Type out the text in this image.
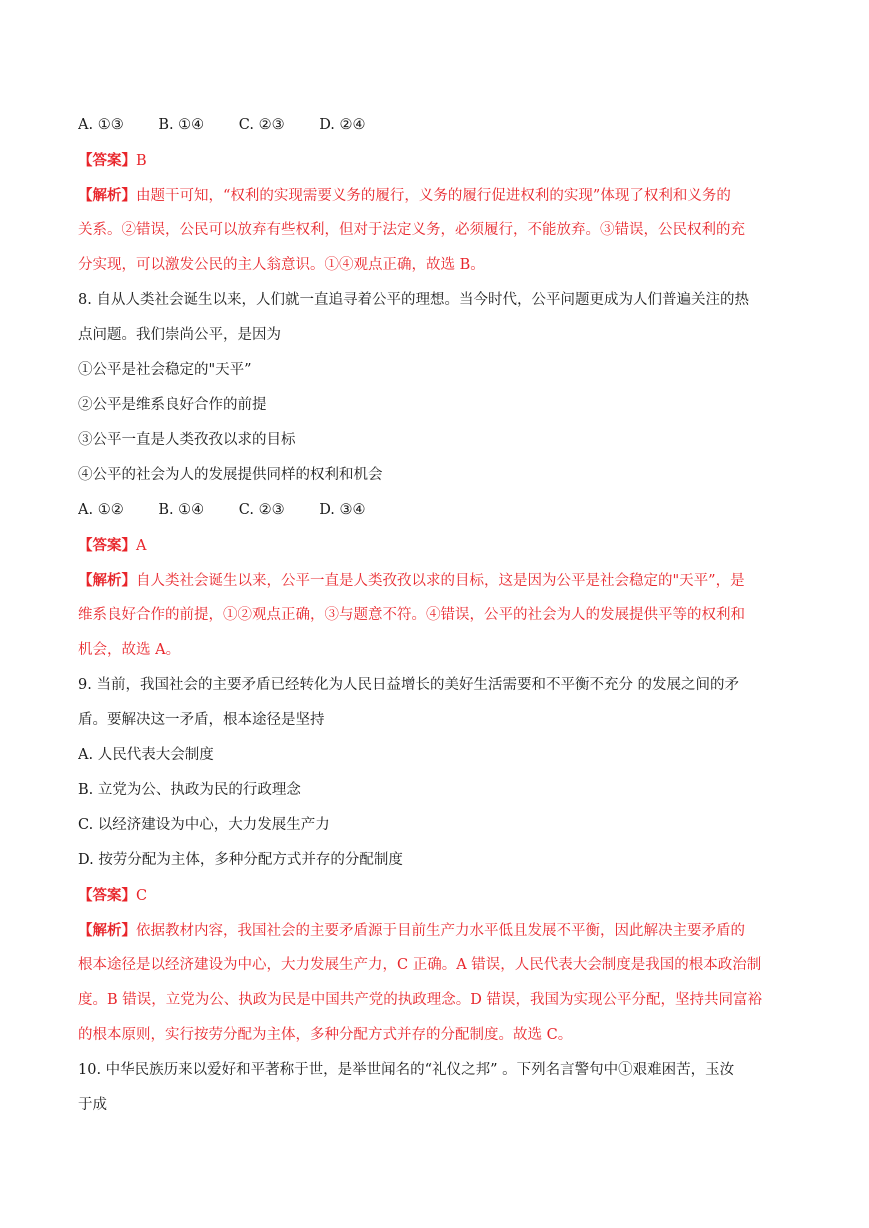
A. ①③ B. ①④ C. ②③ D. ②④
【答案】B
【解析】由题干可知，“权利的实现需要义务的履行，义务的履行促进权利的实现”体现了权利和义务的
关系。②错误，公民可以放弃有些权利，但对于法定义务，必须履行，不能放弃。③错误，公民权利的充
分实现，可以激发公民的主人翁意识。①④观点正确，故选 B。
8. 自从人类社会诞生以来，人们就一直追寻着公平的理想。当今时代，公平问题更成为人们普遍关注的热
点问题。我们崇尚公平，是因为
①公平是社会稳定的"天平”
②公平是维系良好合作的前提
③公平一直是人类孜孜以求的目标
④公平的社会为人的发展提供同样的权利和机会
A. ①② B. ①④ C. ②③ D. ③④
【答案】A
【解析】自人类社会诞生以来，公平一直是人类孜孜以求的目标，这是因为公平是社会稳定的"天平”，是
维系良好合作的前提，①②观点正确，③与题意不符。④错误，公平的社会为人的发展提供平等的权利和
机会，故选 A。
9. 当前，我国社会的主要矛盾已经转化为人民日益增长的美好生活需要和不平衡不充分 的发展之间的矛
盾。要解决这一矛盾，根本途径是坚持
A. 人民代表大会制度
B. 立党为公、执政为民的行政理念
C. 以经济建设为中心，大力发展生产力
D. 按劳分配为主体，多种分配方式并存的分配制度
【答案】C
【解析】依据教材内容，我国社会的主要矛盾源于目前生产力水平低且发展不平衡，因此解决主要矛盾的
根本途径是以经济建设为中心，大力发展生产力，C 正确。A 错误，人民代表大会制度是我国的根本政治制
度。B 错误，立党为公、执政为民是中国共产党的执政理念。D 错误，我国为实现公平分配，坚持共同富裕
的根本原则，实行按劳分配为主体，多种分配方式并存的分配制度。故选 C。
10. 中华民族历来以爱好和平著称于世，是举世闻名的“礼仪之邦” 。下列名言警句中①艰难困苦，玉汝
于成
